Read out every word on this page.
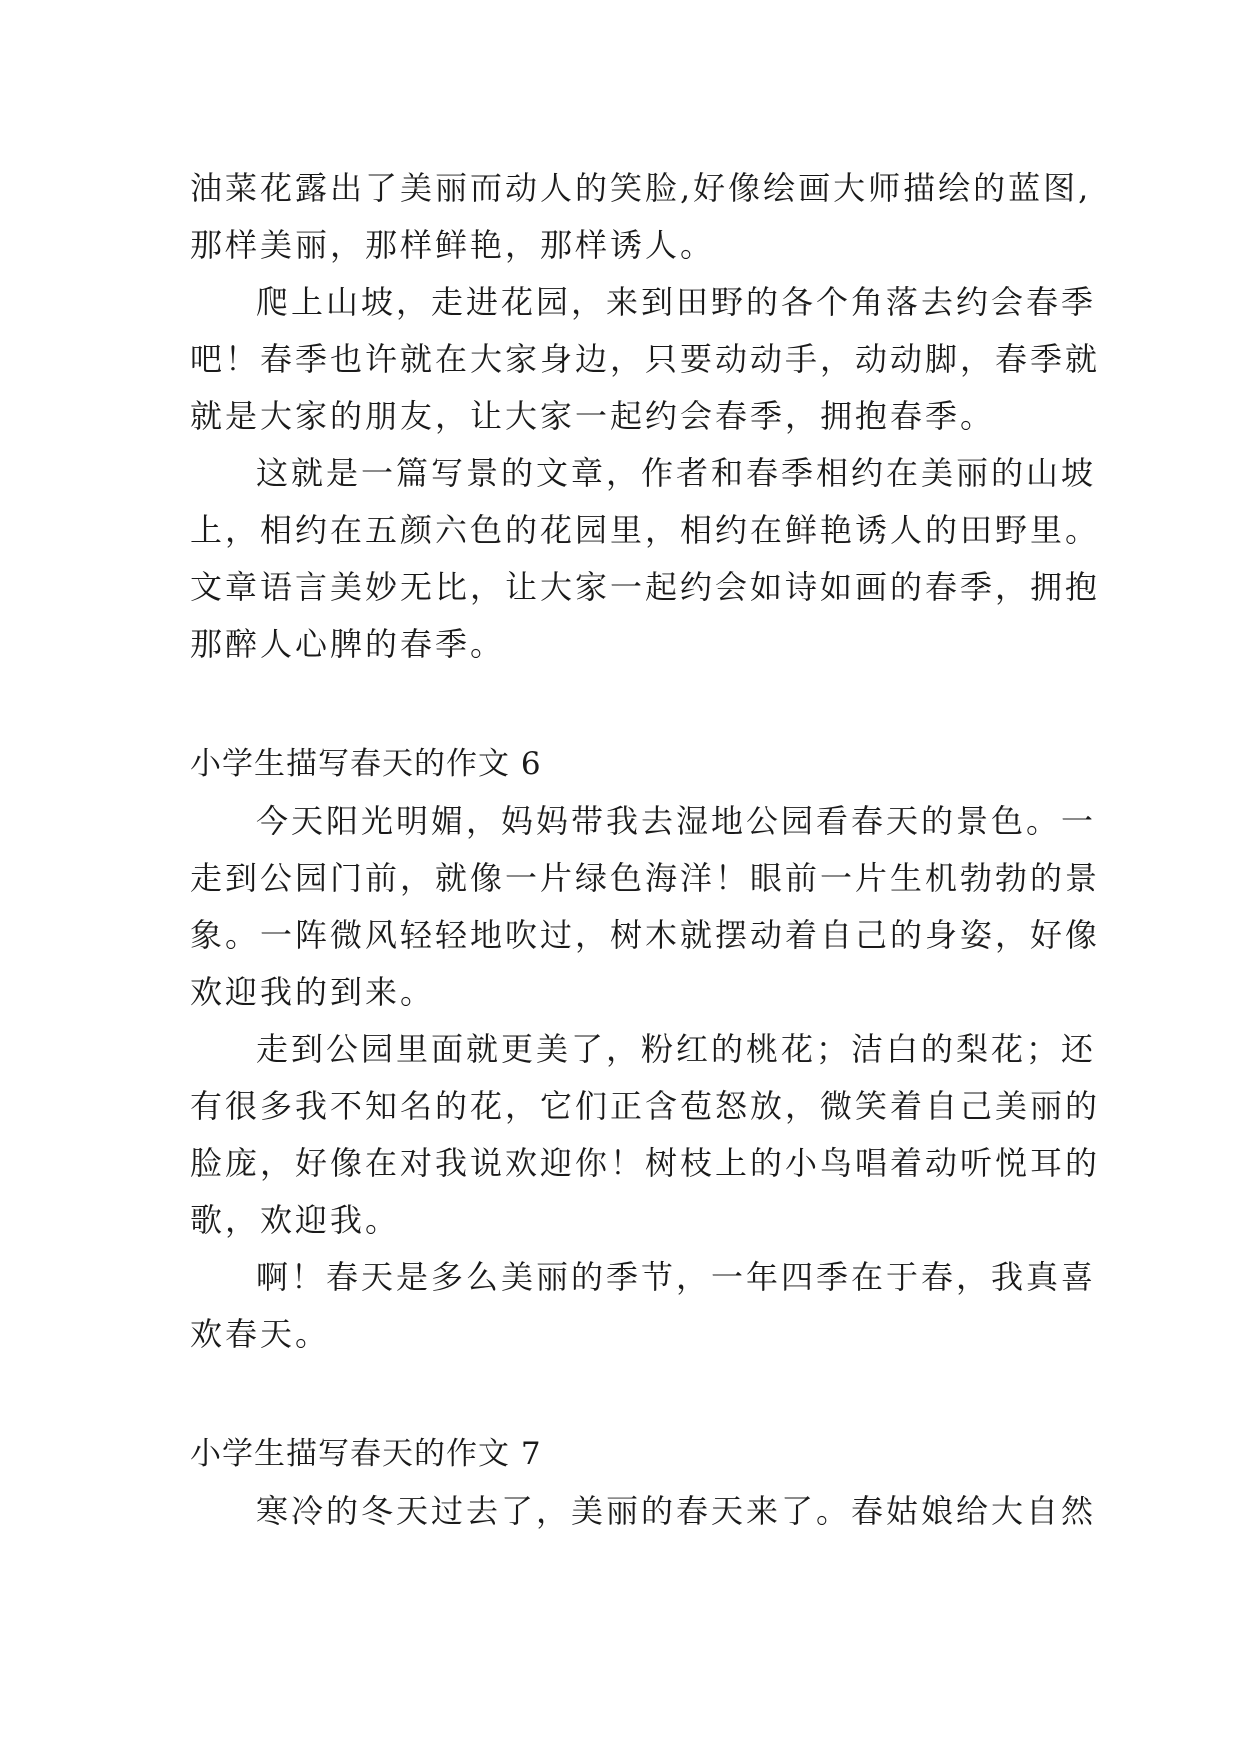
油菜花露出了美丽而动人的笑脸,好像绘画大师描绘的蓝图,
那样美丽，那样鲜艳，那样诱人。
爬上山坡，走进花园，来到田野的各个角落去约会春季
吧！春季也许就在大家身边，只要动动手，动动脚，春季就
就是大家的朋友，让大家一起约会春季，拥抱春季。
这就是一篇写景的文章，作者和春季相约在美丽的山坡
上，相约在五颜六色的花园里，相约在鲜艳诱人的田野里。
文章语言美妙无比，让大家一起约会如诗如画的春季，拥抱
那醉人心脾的春季。
小学生描写春天的作文 6
今天阳光明媚，妈妈带我去湿地公园看春天的景色。一
走到公园门前，就像一片绿色海洋！眼前一片生机勃勃的景
象。一阵微风轻轻地吹过，树木就摆动着自己的身姿，好像
欢迎我的到来。
走到公园里面就更美了，粉红的桃花；洁白的梨花；还
有很多我不知名的花，它们正含苞怒放，微笑着自己美丽的
脸庞，好像在对我说欢迎你！树枝上的小鸟唱着动听悦耳的
歌，欢迎我。
啊！春天是多么美丽的季节，一年四季在于春，我真喜
欢春天。
小学生描写春天的作文 7
寒冷的冬天过去了，美丽的春天来了。春姑娘给大自然
